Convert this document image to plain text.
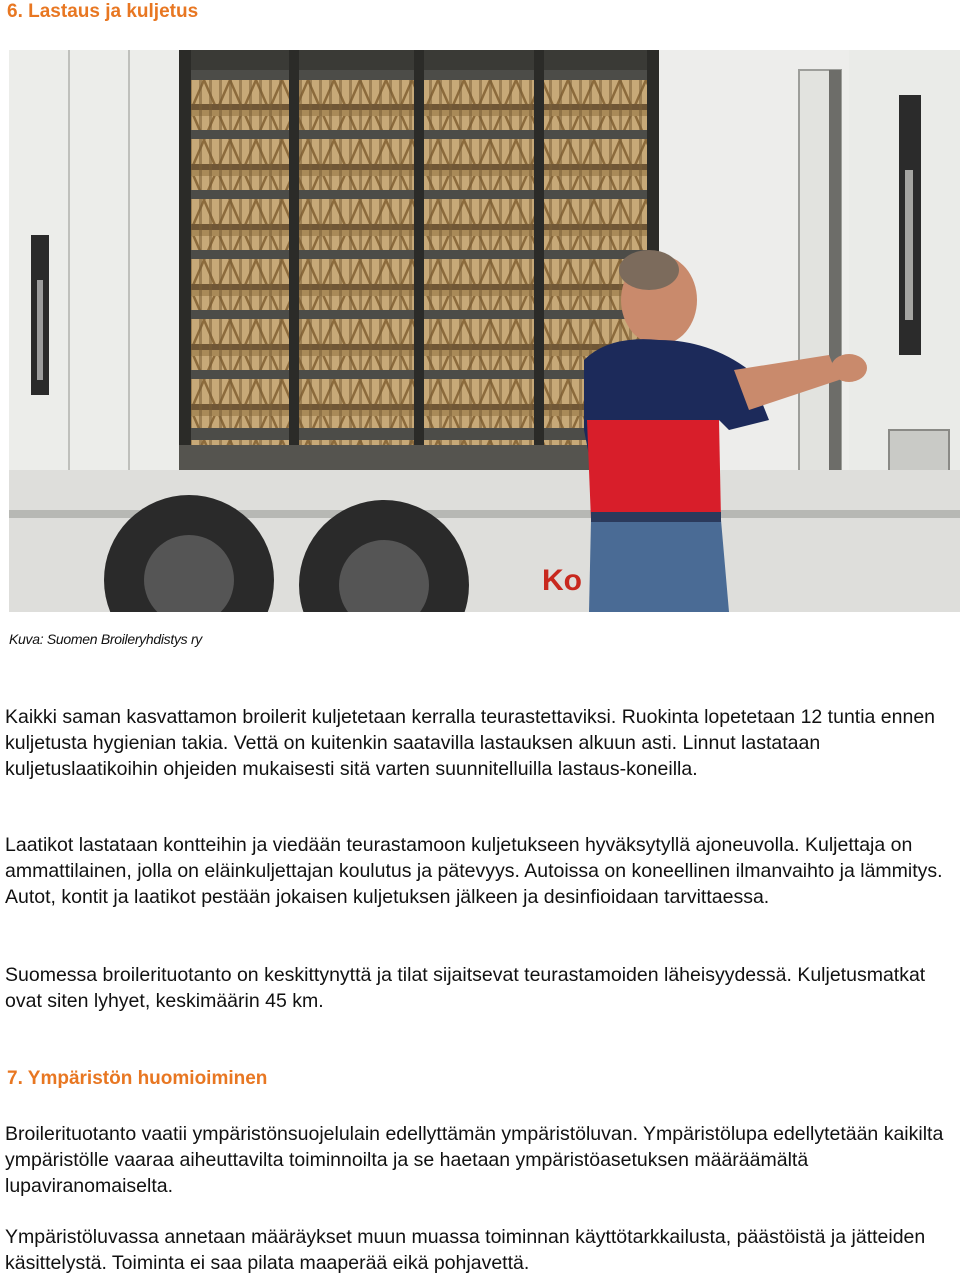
6. Lastaus ja kuljetus
Ko
Kuva: Suomen Broileryhdistys ry

Kaikki saman kasvattamon broilerit kuljetetaan kerralla teurastettaviksi. Ruokinta lopetetaan 12 tuntia ennen kuljetusta hygienian takia. Vettä on kuitenkin saatavilla lastauksen alkuun asti. Linnut lastataan kuljetuslaatikoihin ohjeiden mukaisesti sitä varten suunnitelluilla lastaus-koneilla.

Laatikot lastataan kontteihin ja viedään teurastamoon kuljetukseen hyväksytyllä ajoneuvolla. Kuljettaja on ammattilainen, jolla on eläinkuljettajan koulutus ja pätevyys. Autoissa on koneellinen ilmanvaihto ja lämmitys. Autot, kontit ja laatikot pestään jokaisen kuljetuksen jälkeen ja desinfioidaan tarvittaessa.

Suomessa broilerituotanto on keskittynyttä ja tilat sijaitsevat teurastamoiden läheisyydessä. Kuljetusmatkat ovat siten lyhyet, keskimäärin 45 km.

7. Ympäristön huomioiminen

Broilerituotanto vaatii ympäristönsuojelulain edellyttämän ympäristöluvan. Ympäristölupa edellytetään kaikilta ympäristölle vaaraa aiheuttavilta toiminnoilta ja se haetaan ympäristöasetuksen määräämältä lupaviranomaiselta.

Ympäristöluvassa annetaan määräykset muun muassa toiminnan käyttötarkkailusta, päästöistä ja jätteiden käsittelystä. Toiminta ei saa pilata maaperää eikä pohjavettä.
